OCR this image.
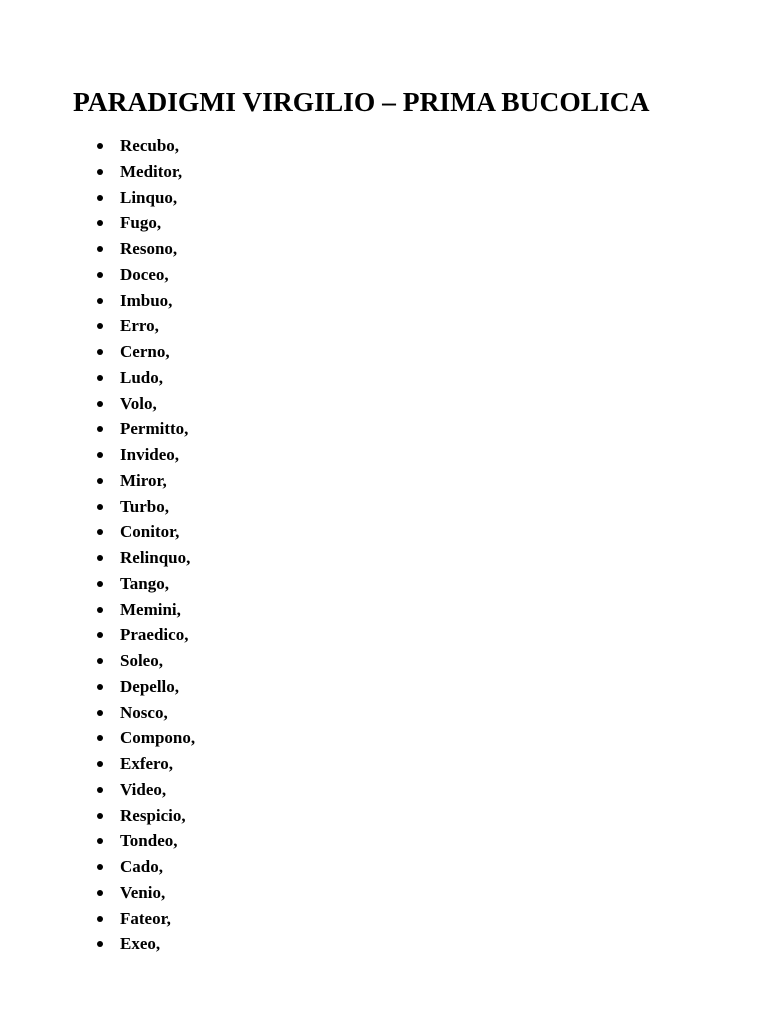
PARADIGMI VIRGILIO – PRIMA BUCOLICA
Recubo,
Meditor,
Linquo,
Fugo,
Resono,
Doceo,
Imbuo,
Erro,
Cerno,
Ludo,
Volo,
Permitto,
Invideo,
Miror,
Turbo,
Conitor,
Relinquo,
Tango,
Memini,
Praedico,
Soleo,
Depello,
Nosco,
Compono,
Exfero,
Video,
Respicio,
Tondeo,
Cado,
Venio,
Fateor,
Exeo,
